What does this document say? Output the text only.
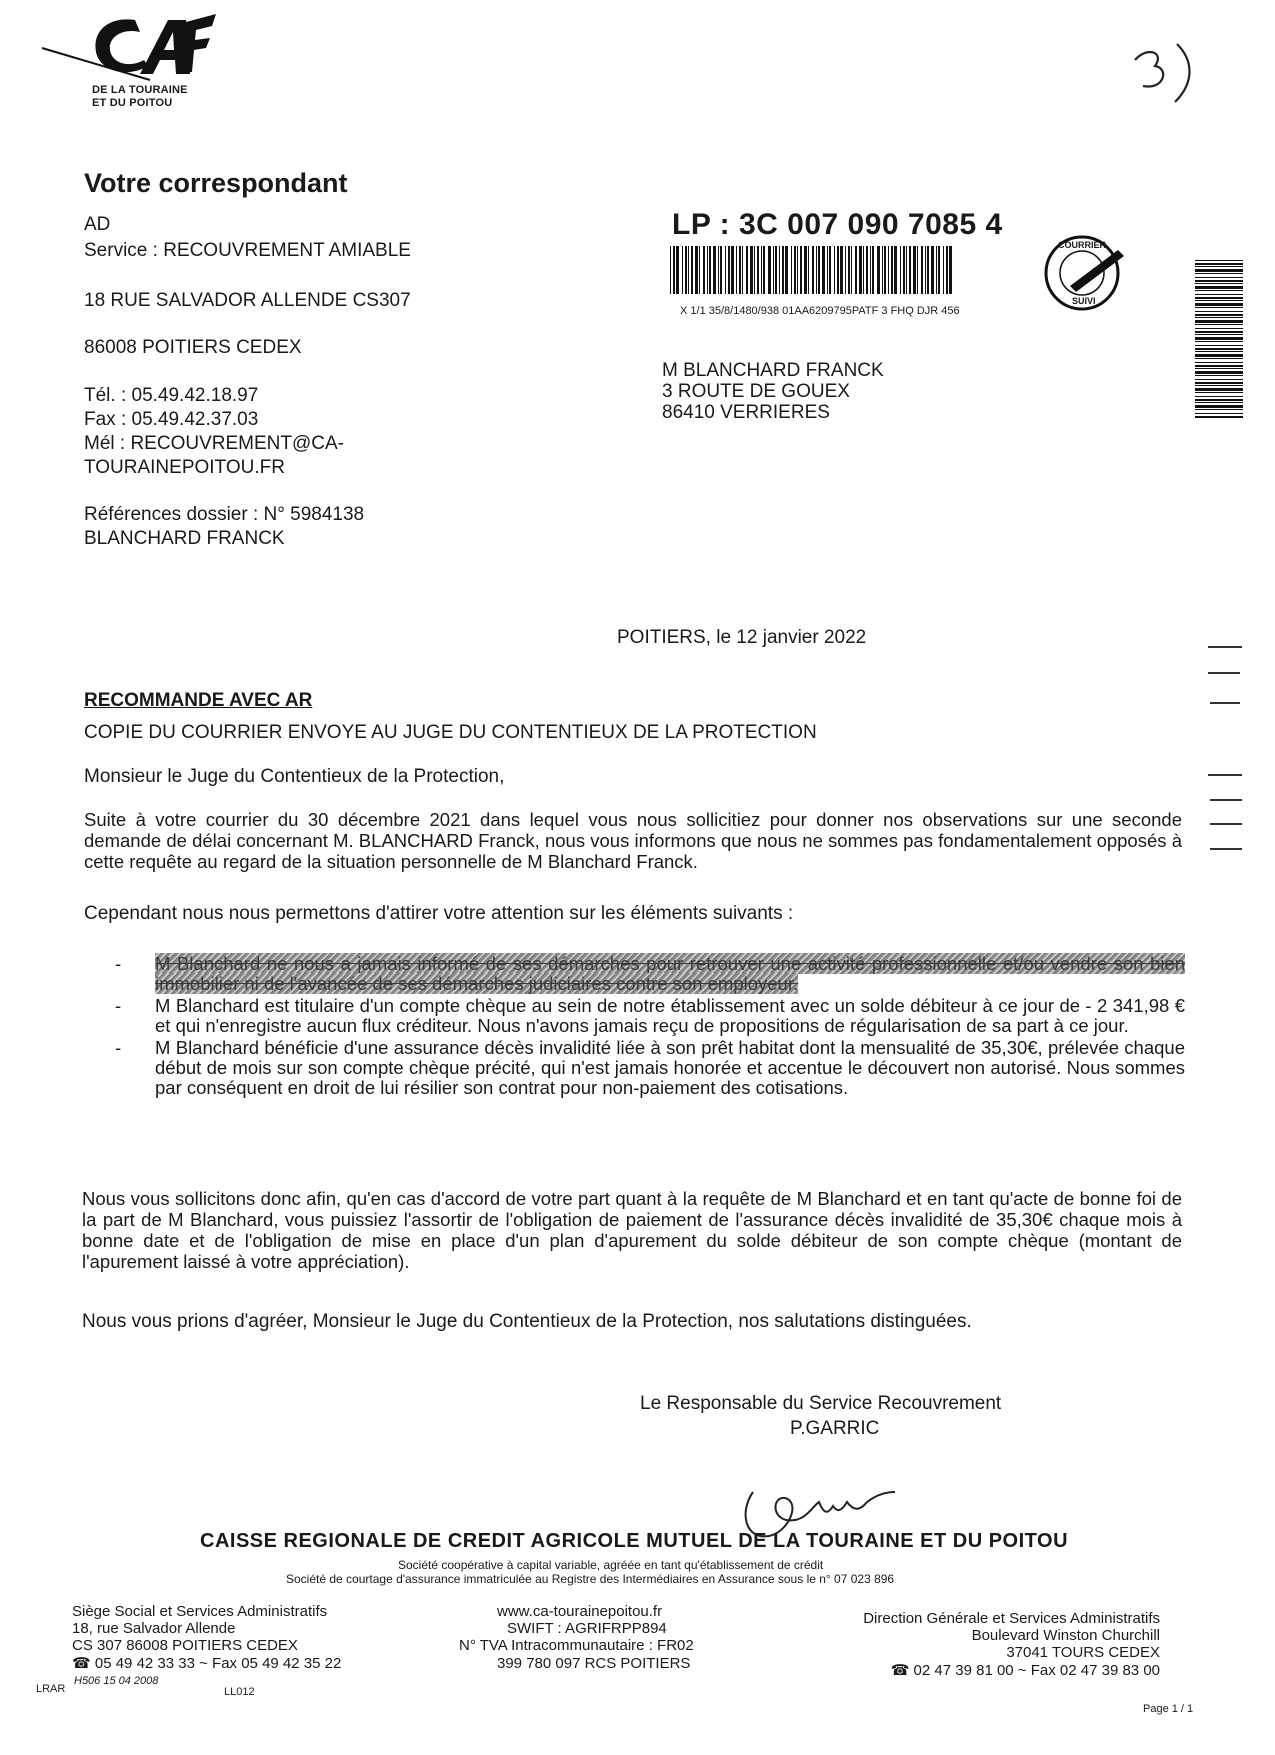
DE LA TOURAINE
ET DU POITOU
Votre correspondant
AD
Service : RECOUVREMENT AMIABLE
18 RUE SALVADOR ALLENDE CS307
86008 POITIERS CEDEX
Tél. : 05.49.42.18.97
Fax : 05.49.42.37.03
Mél : RECOUVREMENT@CA-
TOURAINEPOITOU.FR
Références dossier : N° 5984138
BLANCHARD FRANCK
LP : 3C 007 090 7085 4
X 1/1 35/8/1480/938 01AA6209795PATF 3 FHQ DJR 456
COURRIER
SUIVI
M BLANCHARD FRANCK
3 ROUTE DE GOUEX
86410 VERRIERES
POITIERS, le 12 janvier 2022
RECOMMANDE AVEC AR
COPIE DU COURRIER ENVOYE AU JUGE DU CONTENTIEUX DE LA PROTECTION
Monsieur le Juge du Contentieux de la Protection,
Suite à votre courrier du 30 décembre 2021 dans lequel vous nous sollicitiez pour donner nos observations sur une seconde demande de délai concernant M. BLANCHARD Franck, nous vous informons que nous ne sommes pas fondamentalement opposés à cette requête au regard de la situation personnelle de M Blanchard Franck.
Cependant nous nous permettons d'attirer votre attention sur les éléments suivants :
- M Blanchard ne nous a jamais informé de ses démarches pour retrouver une activité professionnelle et/ou vendre son bien immobilier ni de l'avancée de ses démarches judiciaires contre son employeur.
- M Blanchard est titulaire d'un compte chèque au sein de notre établissement avec un solde débiteur à ce jour de - 2 341,98 € et qui n'enregistre aucun flux créditeur. Nous n'avons jamais reçu de propositions de régularisation de sa part à ce jour.
- M Blanchard bénéficie d'une assurance décès invalidité liée à son prêt habitat dont la mensualité de 35,30€, prélevée chaque début de mois sur son compte chèque précité, qui n'est jamais honorée et accentue le découvert non autorisé. Nous sommes par conséquent en droit de lui résilier son contrat pour non-paiement des cotisations.
Nous vous sollicitons donc afin, qu'en cas d'accord de votre part quant à la requête de M Blanchard et en tant qu'acte de bonne foi de la part de M Blanchard, vous puissiez l'assortir de l'obligation de paiement de l'assurance décès invalidité de 35,30€ chaque mois à bonne date et de l'obligation de mise en place d'un plan d'apurement du solde débiteur de son compte chèque (montant de l'apurement laissé à votre appréciation).
Nous vous prions d'agréer, Monsieur le Juge du Contentieux de la Protection, nos salutations distinguées.
Le Responsable du Service Recouvrement
P.GARRIC
CAISSE REGIONALE DE CREDIT AGRICOLE MUTUEL DE LA TOURAINE ET DU POITOU
Société coopérative à capital variable, agréée en tant qu'établissement de crédit
Société de courtage d'assurance immatriculée au Registre des Intermédiaires en Assurance sous le n° 07 023 896
Siège Social et Services Administratifs
18, rue Salvador Allende
CS 307 86008 POITIERS CEDEX
☎ 05 49 42 33 33 ~ Fax 05 49 42 35 22
H506 15 04 2008
www.ca-tourainepoitou.fr
SWIFT : AGRIFRPP894
N° TVA Intracommunautaire : FR02
399 780 097 RCS POITIERS
Direction Générale et Services Administratifs
Boulevard Winston Churchill
37041 TOURS CEDEX
☎ 02 47 39 81 00 ~ Fax 02 47 39 83 00
LRAR	LL012
Page 1 / 1
